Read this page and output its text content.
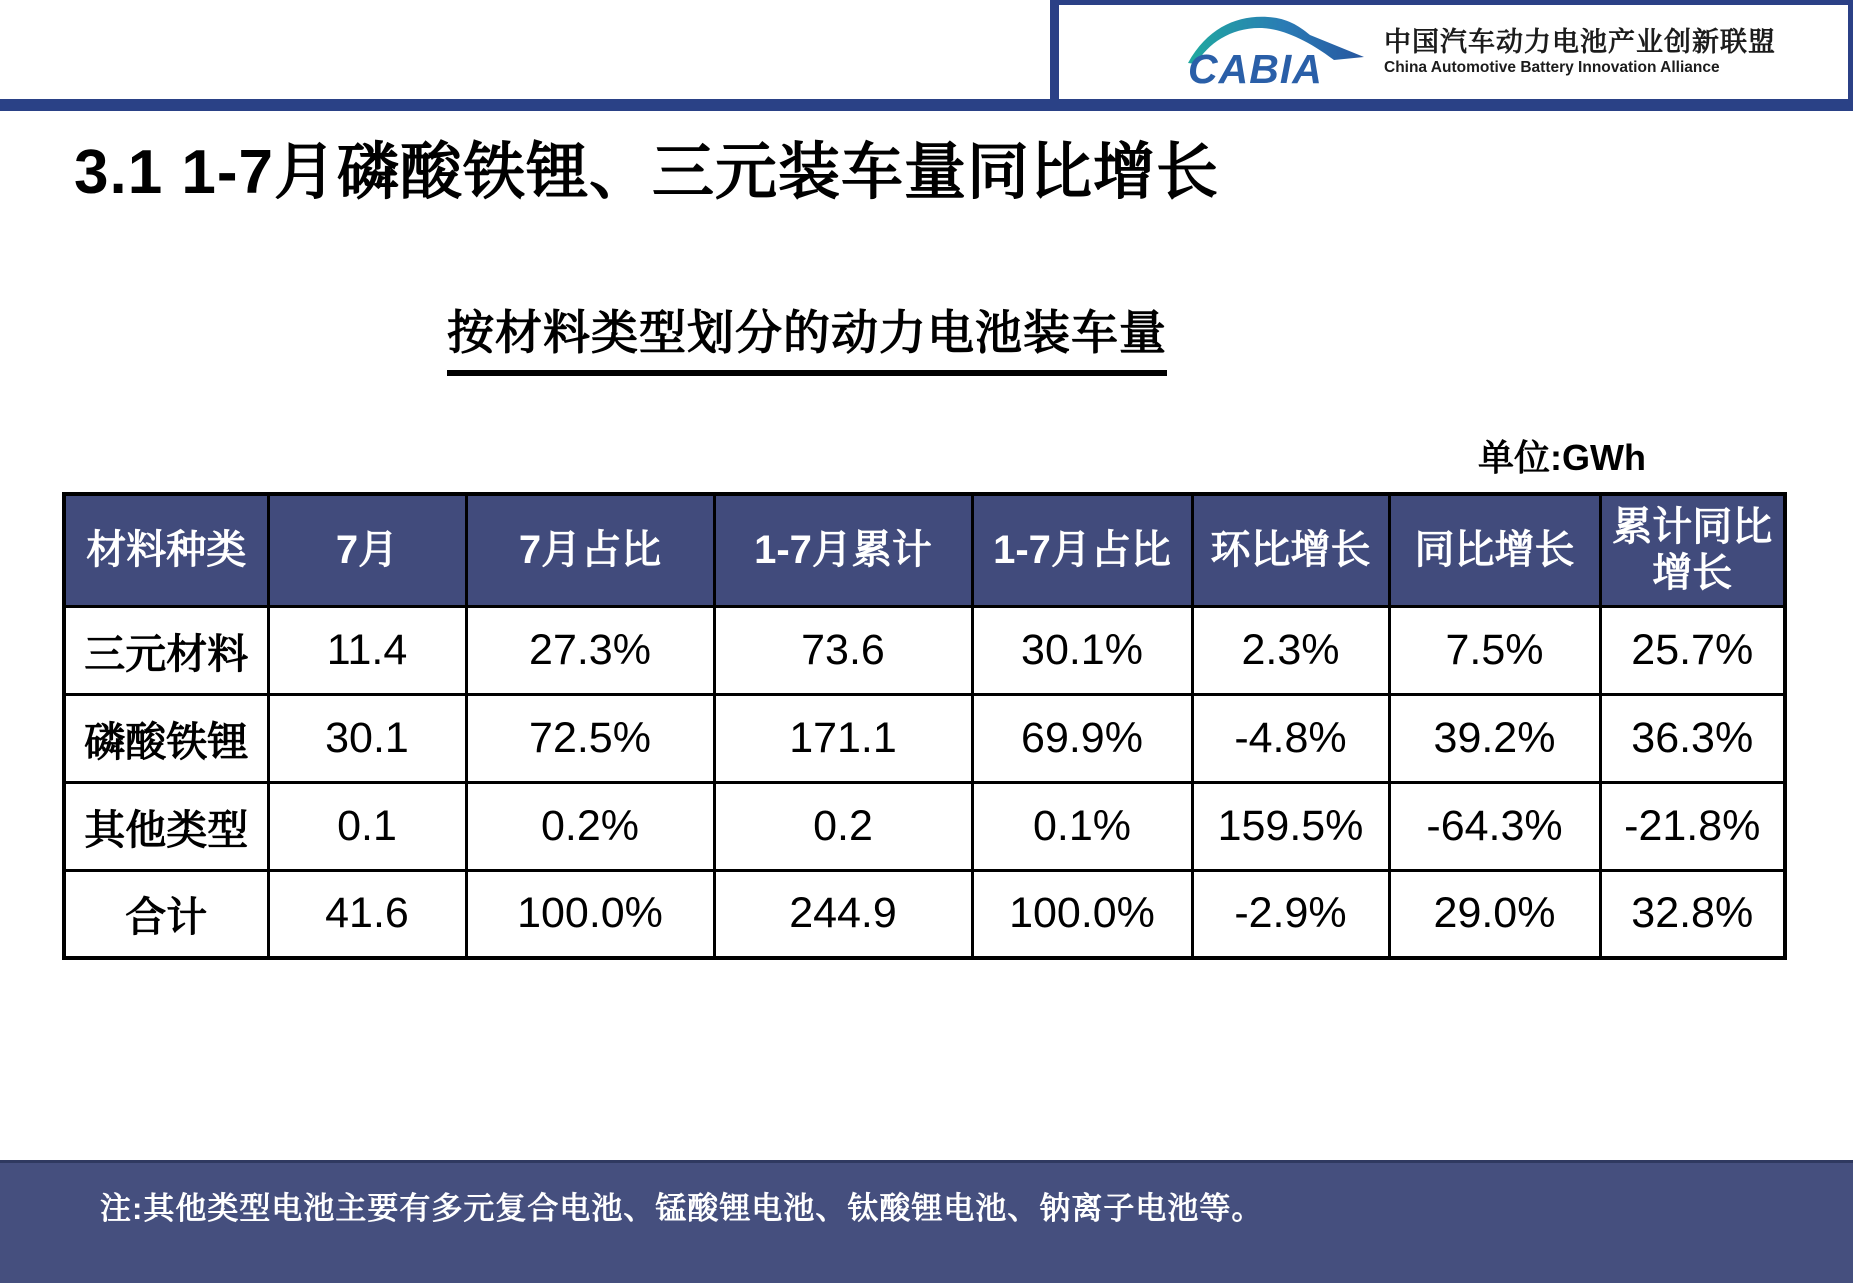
CABIA
中国汽车动力电池产业创新联盟
China Automotive Battery Innovation Alliance
3.1 1-7月磷酸铁锂、三元装车量同比增长
按材料类型划分的动力电池装车量
单位:GWh
材料种类	7月	7月占比	1-7月累计	1-7月占比	环比增长	同比增长	累计同比增长
三元材料	11.4	27.3%	73.6	30.1%	2.3%	7.5%	25.7%
磷酸铁锂	30.1	72.5%	171.1	69.9%	-4.8%	39.2%	36.3%
其他类型	0.1	0.2%	0.2	0.1%	159.5%	-64.3%	-21.8%
合计	41.6	100.0%	244.9	100.0%	-2.9%	29.0%	32.8%
注:其他类型电池主要有多元复合电池、锰酸锂电池、钛酸锂电池、钠离子电池等。
